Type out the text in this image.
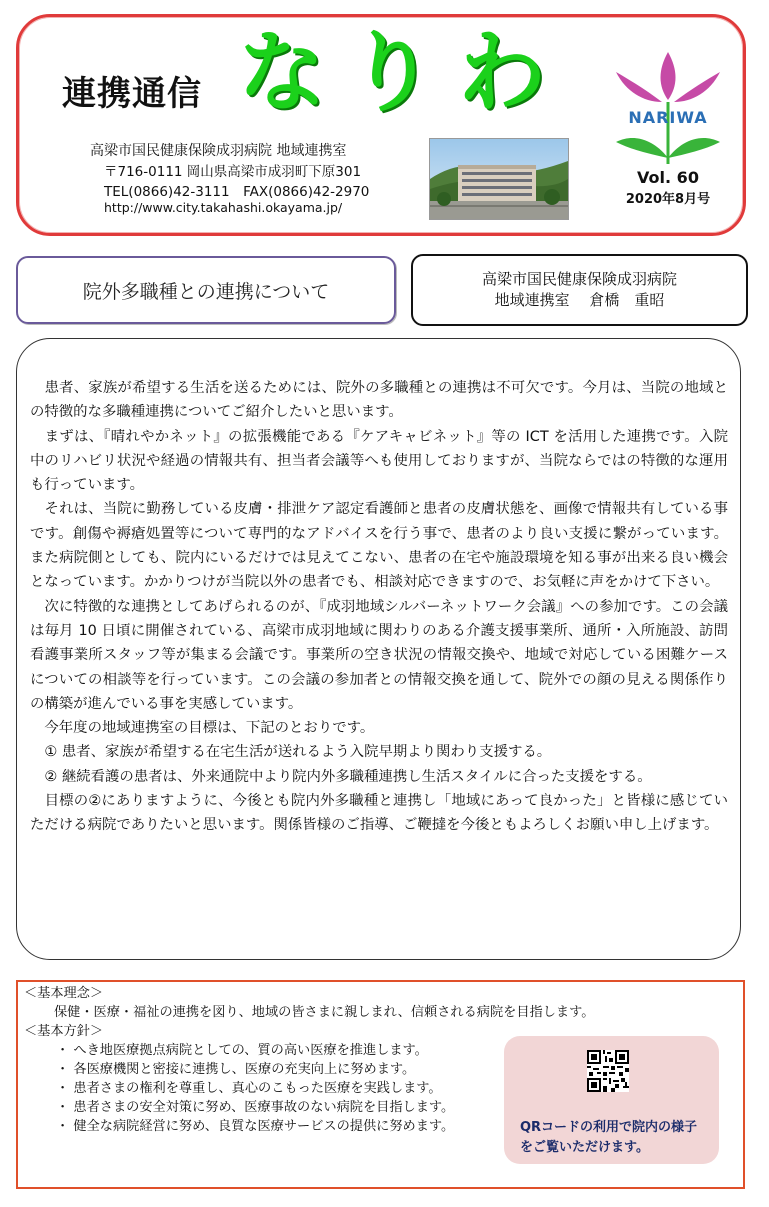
連携通信 なりわ
高梁市国民健康保険成羽病院 地域連携室
〒716-0111 岡山県高梁市成羽町下原301
TEL(0866)42-3111　FAX(0866)42-2970
http://www.city.takahashi.okayama.jp/
NARIWA
Vol. 60
2020年8月号
院外多職種との連携について
高梁市国民健康保険成羽病院
地域連携室　 倉橋　重昭

　患者、家族が希望する生活を送るためには、院外の多職種との連携は不可欠です。今月は、当院の地域との特徴的な多職種連携についてご紹介したいと思います。

　まずは、『晴れやかネット』の拡張機能である『ケアキャビネット』等の ICT を活用した連携です。入院中のリハビリ状況や経過の情報共有、担当者会議等へも使用しておりますが、当院ならではの特徴的な運用も行っています。

　それは、当院に勤務している皮膚・排泄ケア認定看護師と患者の皮膚状態を、画像で情報共有している事です。創傷や褥瘡処置等について専門的なアドバイスを行う事で、患者のより良い支援に繋がっています。また病院側としても、院内にいるだけでは見えてこない、患者の在宅や施設環境を知る事が出来る良い機会となっています。かかりつけが当院以外の患者でも、相談対応できますので、お気軽に声をかけて下さい。

　次に特徴的な連携としてあげられるのが、『成羽地域シルバーネットワーク会議』への参加です。この会議は毎月 10 日頃に開催されている、高梁市成羽地域に関わりのある介護支援事業所、通所・入所施設、訪問看護事業所スタッフ等が集まる会議です。事業所の空き状況の情報交換や、地域で対応している困難ケースについての相談等を行っています。この会議の参加者との情報交換を通して、院外での顔の見える関係作りの構築が進んでいる事を実感しています。

　今年度の地域連携室の目標は、下記のとおりです。

　① 患者、家族が希望する在宅生活が送れるよう入院早期より関わり支援する。

　② 継続看護の患者は、外来通院中より院内外多職種連携し生活スタイルに合った支援をする。

　目標の②にありますように、今後とも院内外多職種と連携し「地域にあって良かった」と皆様に感じていただける病院でありたいと思います。関係皆様のご指導、ご鞭撻を今後ともよろしくお願い申し上げます。

＜基本理念＞
保健・医療・福祉の連携を図り、地域の皆さまに親しまれ、信頼される病院を目指します。
＜基本方針＞
・ へき地医療拠点病院としての、質の高い医療を推進します。
・ 各医療機関と密接に連携し、医療の充実向上に努めます。
・ 患者さまの権利を尊重し、真心のこもった医療を実践します。
・ 患者さまの安全対策に努め、医療事故のない病院を目指します。
・ 健全な病院経営に努め、良質な医療サービスの提供に努めます。	QRコードの利用で院内の様子をご覧いただけます。
